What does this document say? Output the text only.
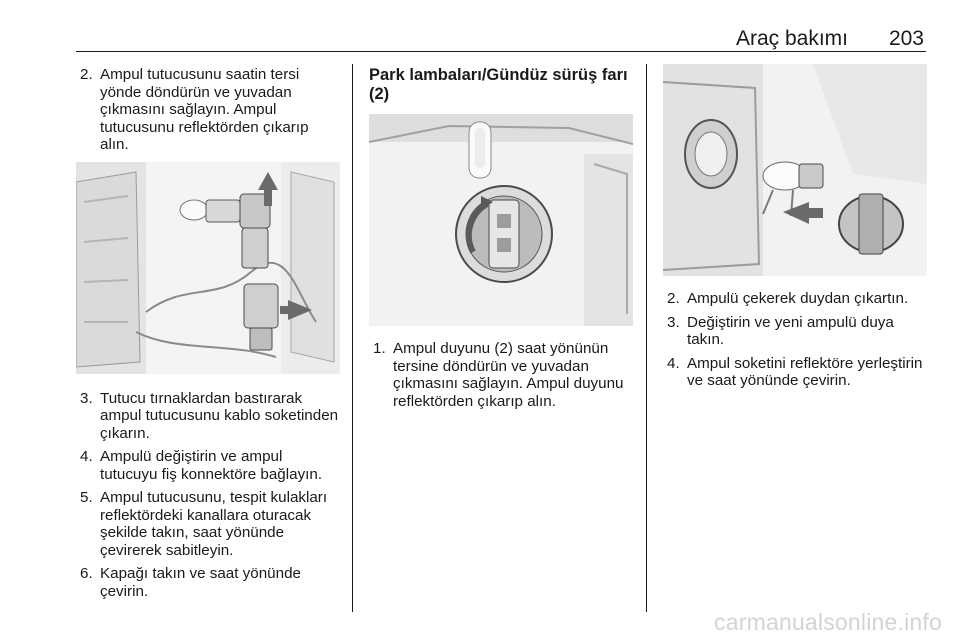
Araç bakımı 203
2. Ampul tutucusunu saatin tersi yönde döndürün ve yuvadan çıkmasını sağlayın. Ampul tutucusunu reflektörden çıkarıp alın.
3. Tutucu tırnaklardan bastırarak ampul tutucusunu kablo soketinden çıkarın.
4. Ampulü değiştirin ve ampul tutucuyu fiş konnektöre bağlayın.
5. Ampul tutucusunu, tespit kulakları reflektördeki kanallara oturacak şekilde takın, saat yönünde çevirerek sabitleyin.
6. Kapağı takın ve saat yönünde çevirin.
Park lambaları/Gündüz sürüş farı (2)
1. Ampul duyunu (2) saat yönünün tersine döndürün ve yuvadan çıkmasını sağlayın. Ampul duyunu reflektörden çıkarıp alın.
2. Ampulü çekerek duydan çıkartın.
3. Değiştirin ve yeni ampulü duya takın.
4. Ampul soketini reflektöre yerleştirin ve saat yönünde çevirin.
carmanualsonline.info
